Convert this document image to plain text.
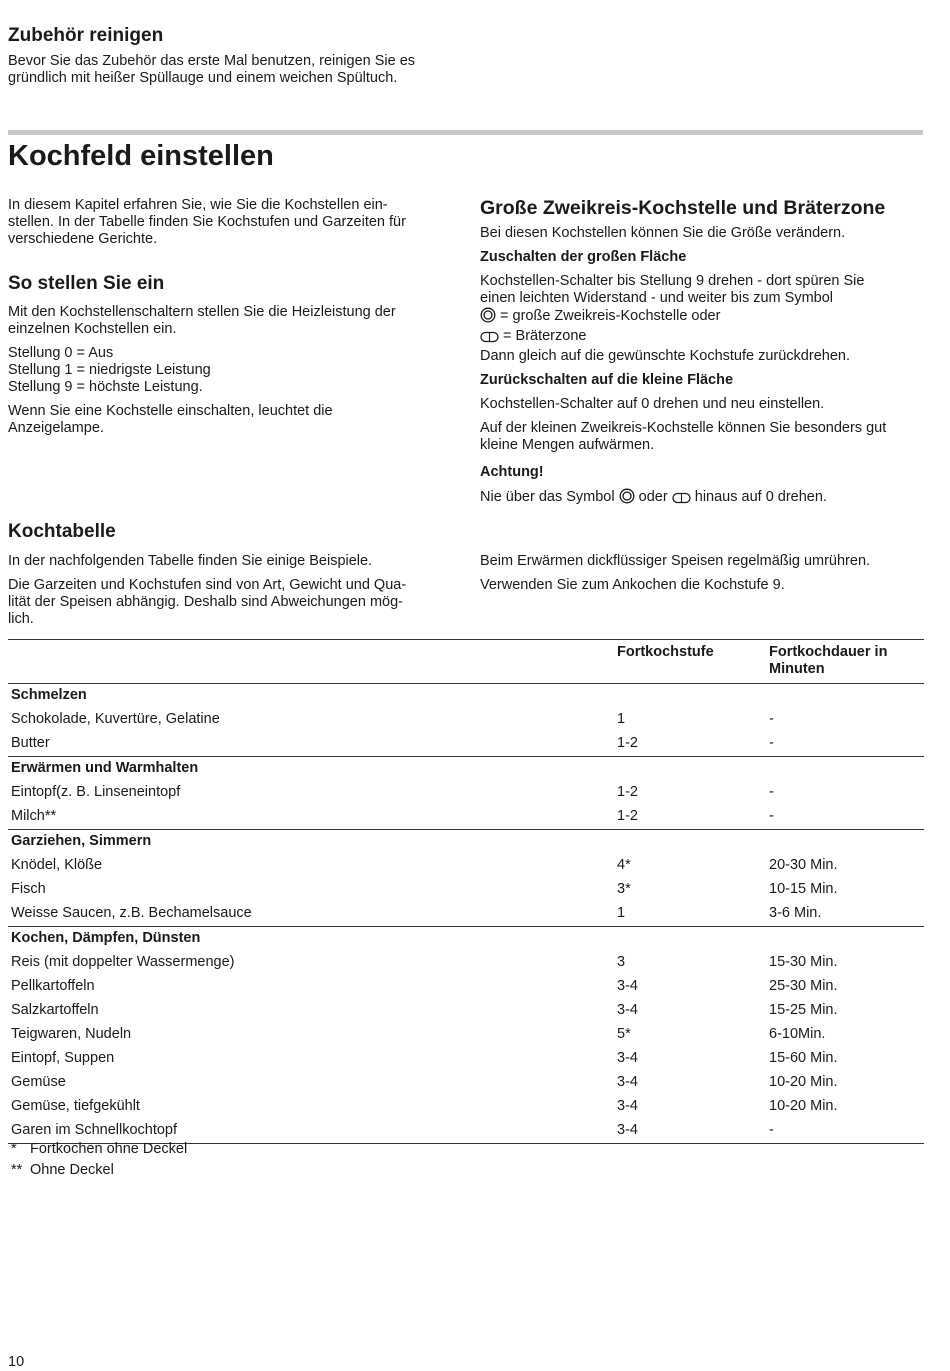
Zubehör reinigen

Bevor Sie das Zubehör das erste Mal benutzen, reinigen Sie es
gründlich mit heißer Spüllauge und einem weichen Spültuch.

Kochfeld einstellen

In diesem Kapitel erfahren Sie, wie Sie die Kochstellen ein-
stellen. In der Tabelle finden Sie Kochstufen und Garzeiten für
verschiedene Gerichte.

So stellen Sie ein

Mit den Kochstellenschaltern stellen Sie die Heizleistung der
einzelnen Kochstellen ein.

Stellung 0 = Aus
Stellung 1 = niedrigste Leistung
Stellung 9 = höchste Leistung.

Wenn Sie eine Kochstelle einschalten, leuchtet die
Anzeigelampe.

Große Zweikreis-Kochstelle und Bräterzone

Bei diesen Kochstellen können Sie die Größe verändern.

Zuschalten der großen Fläche

Kochstellen-Schalter bis Stellung 9 drehen - dort spüren Sie
einen leichten Widerstand - und weiter bis zum Symbol
= große Zweikreis-Kochstelle oder
= Bräterzone
Dann gleich auf die gewünschte Kochstufe zurückdrehen.

Zurückschalten auf die kleine Fläche

Kochstellen-Schalter auf 0 drehen und neu einstellen.

Auf der kleinen Zweikreis-Kochstelle können Sie besonders gut
kleine Mengen aufwärmen.

Achtung!

Nie über das Symbol oder hinaus auf 0 drehen.

Kochtabelle

In der nachfolgenden Tabelle finden Sie einige Beispiele.

Die Garzeiten und Kochstufen sind von Art, Gewicht und Qua-
lität der Speisen abhängig. Deshalb sind Abweichungen mög-
lich.

Beim Erwärmen dickflüssiger Speisen regelmäßig umrühren.

Verwenden Sie zum Ankochen die Kochstufe 9.

	Fortkochstufe	Fortkochdauer in
Minuten

Schmelzen		
Schokolade, Kuvertüre, Gelatine	1	-
Butter	1-2	-
Erwärmen und Warmhalten		
Eintopf(z. B. Linseneintopf	1-2	-
Milch**	1-2	-
Garziehen, Simmern		
Knödel, Klöße	4*	20-30 Min.
Fisch	3*	10-15 Min.
Weisse Saucen, z.B. Bechamelsauce	1	3-6 Min.
Kochen, Dämpfen, Dünsten		
Reis (mit doppelter Wassermenge)	3	15-30 Min.
Pellkartoffeln	3-4	25-30 Min.
Salzkartoffeln	3-4	15-25 Min.
Teigwaren, Nudeln	5*	6-10Min.
Eintopf, Suppen	3-4	15-60 Min.
Gemüse	3-4	10-20 Min.
Gemüse, tiefgekühlt	3-4	10-20 Min.
Garen im Schnellkochtopf	3-4	-
* Fortkochen ohne Deckel
** Ohne Deckel
10
